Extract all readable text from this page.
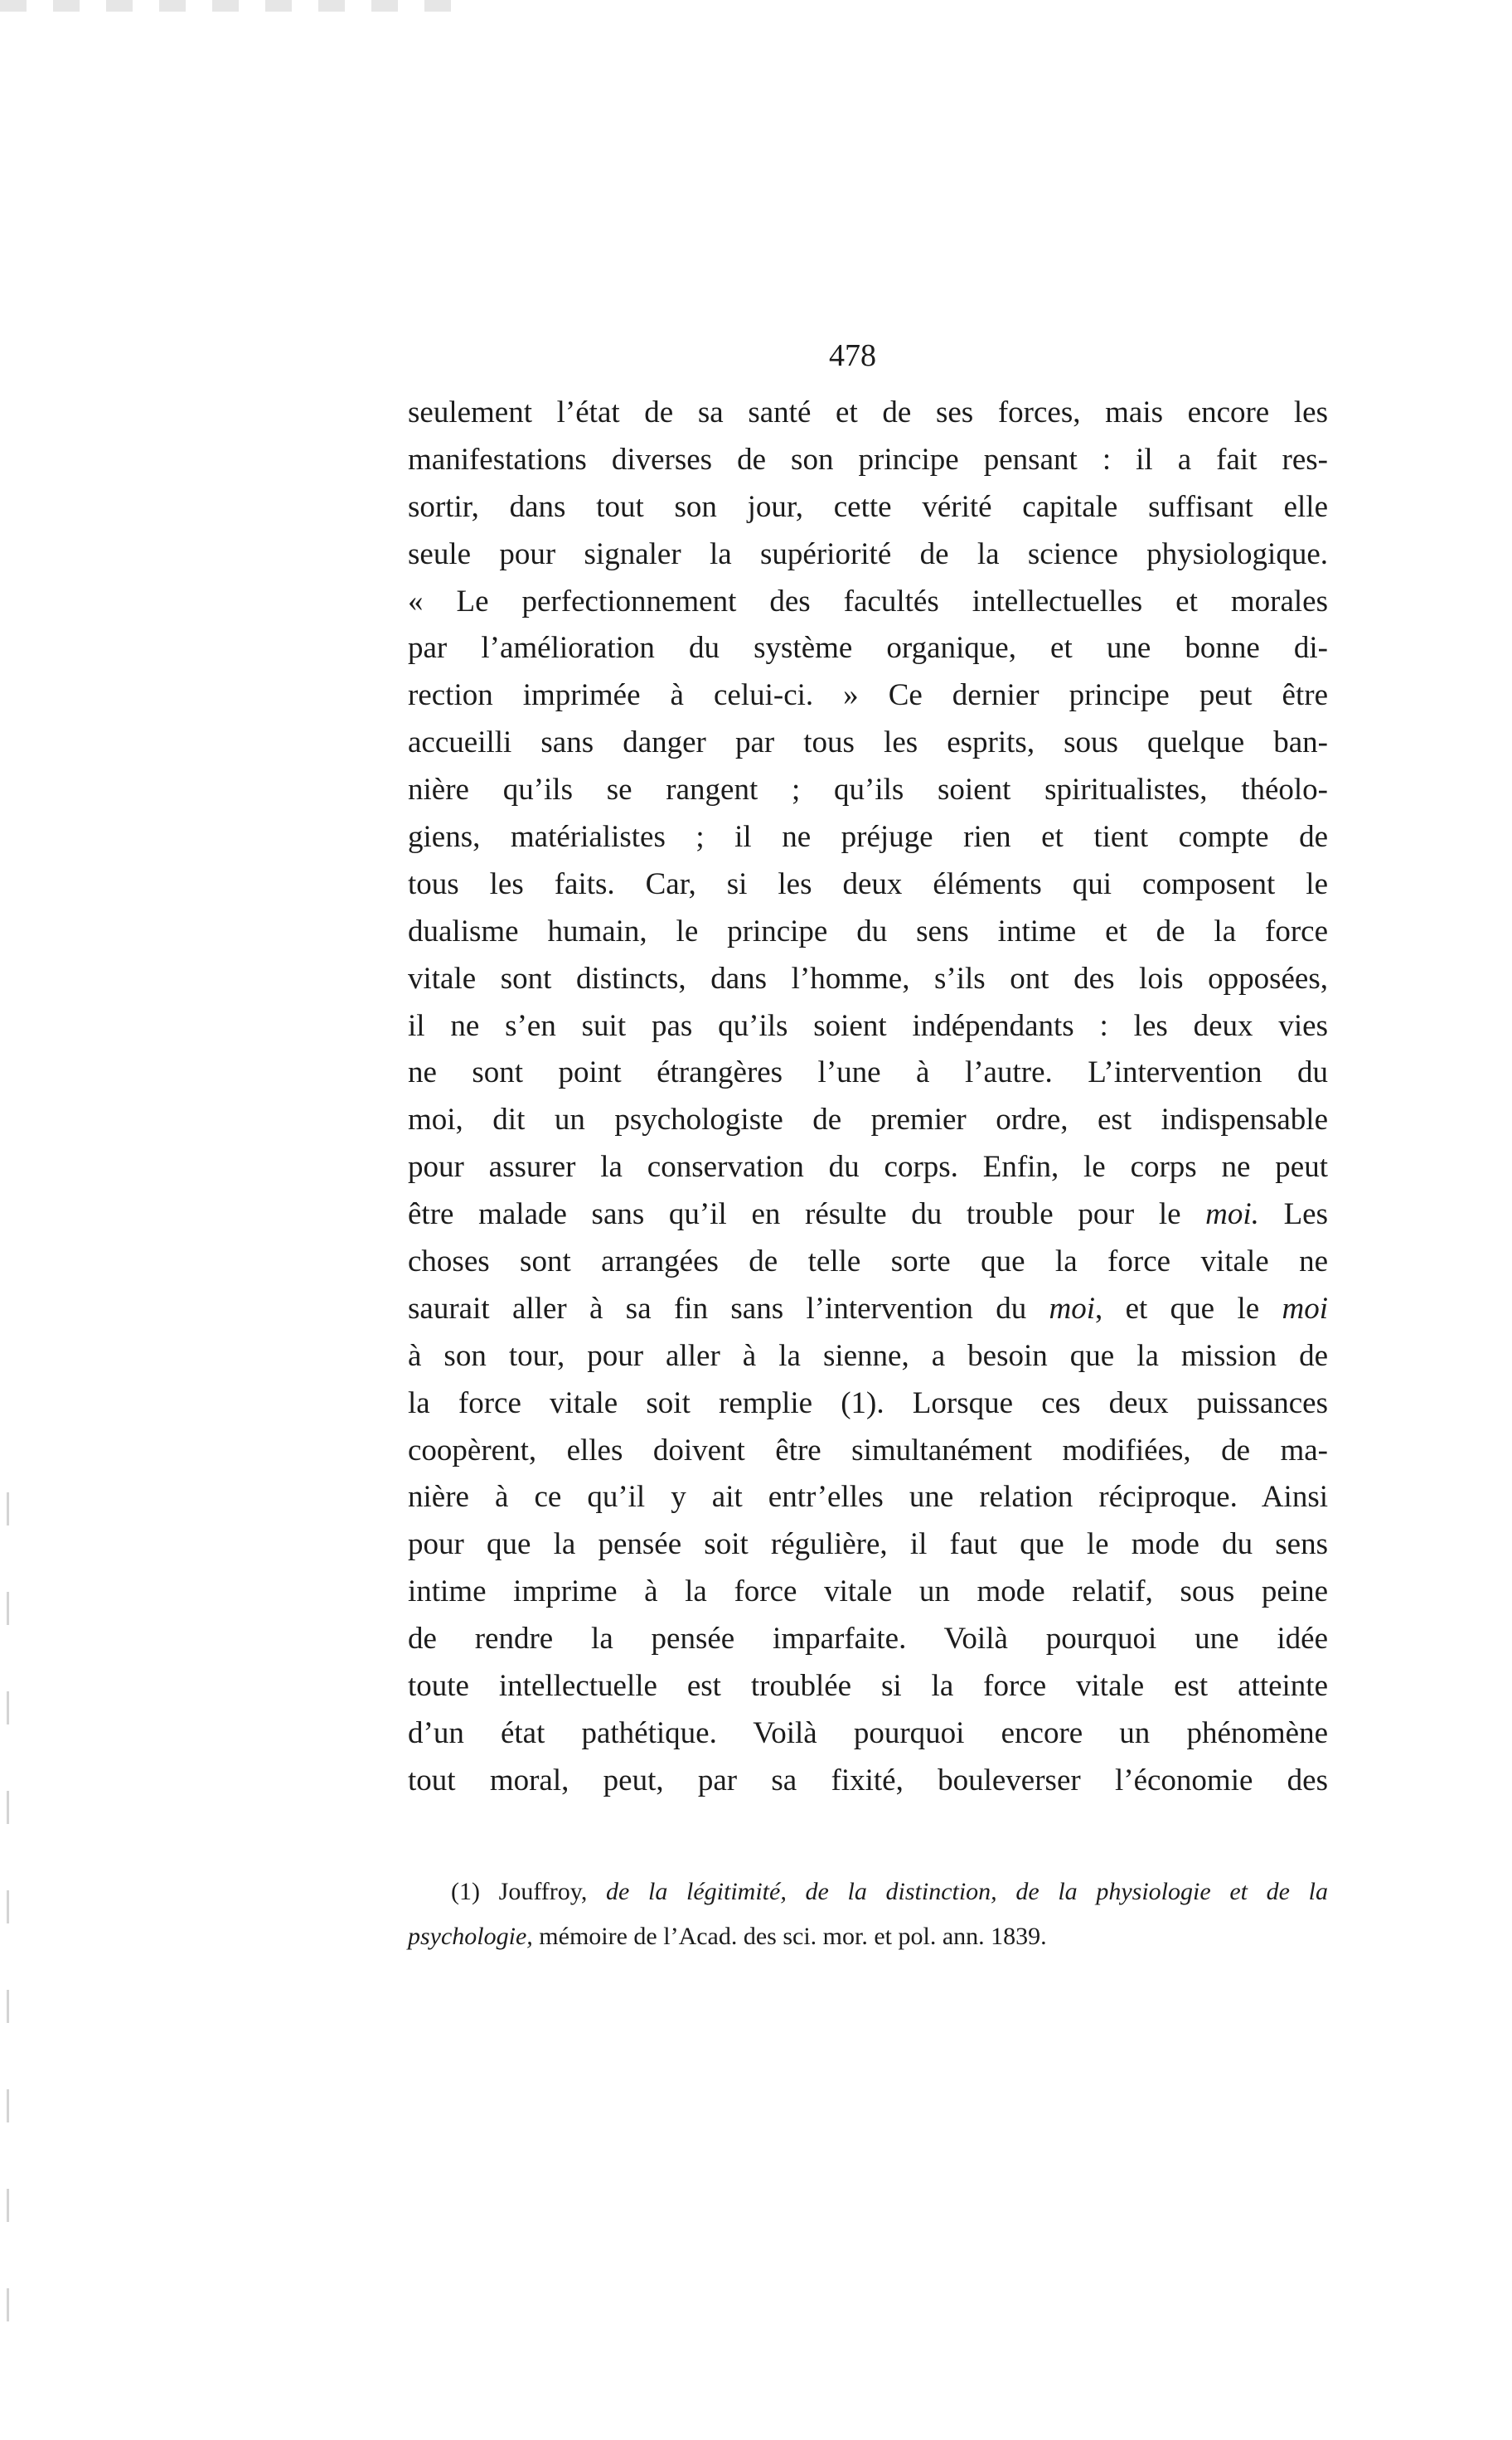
478
seulement l’état de sa santé et de ses forces, mais encore les
manifestations diverses de son principe pensant : il a fait res-
sortir, dans tout son jour, cette vérité capitale suffisant elle
seule pour signaler la supériorité de la science physiologique.
« Le perfectionnement des facultés intellectuelles et morales
par l’amélioration du système organique, et une bonne di-
rection imprimée à celui-ci. » Ce dernier principe peut être
accueilli sans danger par tous les esprits, sous quelque ban-
nière qu’ils se rangent ; qu’ils soient spiritualistes, théolo-
giens, matérialistes ; il ne préjuge rien et tient compte de
tous les faits. Car, si les deux éléments qui composent le
dualisme humain, le principe du sens intime et de la force
vitale sont distincts, dans l’homme, s’ils ont des lois opposées,
il ne s’en suit pas qu’ils soient indépendants : les deux vies
ne sont point étrangères l’une à l’autre. L’intervention du
moi, dit un psychologiste de premier ordre, est indispensable
pour assurer la conservation du corps. Enfin, le corps ne peut
être malade sans qu’il en résulte du trouble pour le moi. Les
choses sont arrangées de telle sorte que la force vitale ne
saurait aller à sa fin sans l’intervention du moi, et que le moi
à son tour, pour aller à la sienne, a besoin que la mission de
la force vitale soit remplie (1). Lorsque ces deux puissances
coopèrent, elles doivent être simultanément modifiées, de ma-
nière à ce qu’il y ait entr’elles une relation réciproque. Ainsi
pour que la pensée soit régulière, il faut que le mode du sens
intime imprime à la force vitale un mode relatif, sous peine
de rendre la pensée imparfaite. Voilà pourquoi une idée
toute intellectuelle est troublée si la force vitale est atteinte
d’un état pathétique. Voilà pourquoi encore un phénomène
tout moral, peut, par sa fixité, bouleverser l’économie des
(1) Jouffroy, de la légitimité, de la distinction, de la physiologie et de la
psychologie, mémoire de l’Acad. des sci. mor. et pol. ann. 1839.
